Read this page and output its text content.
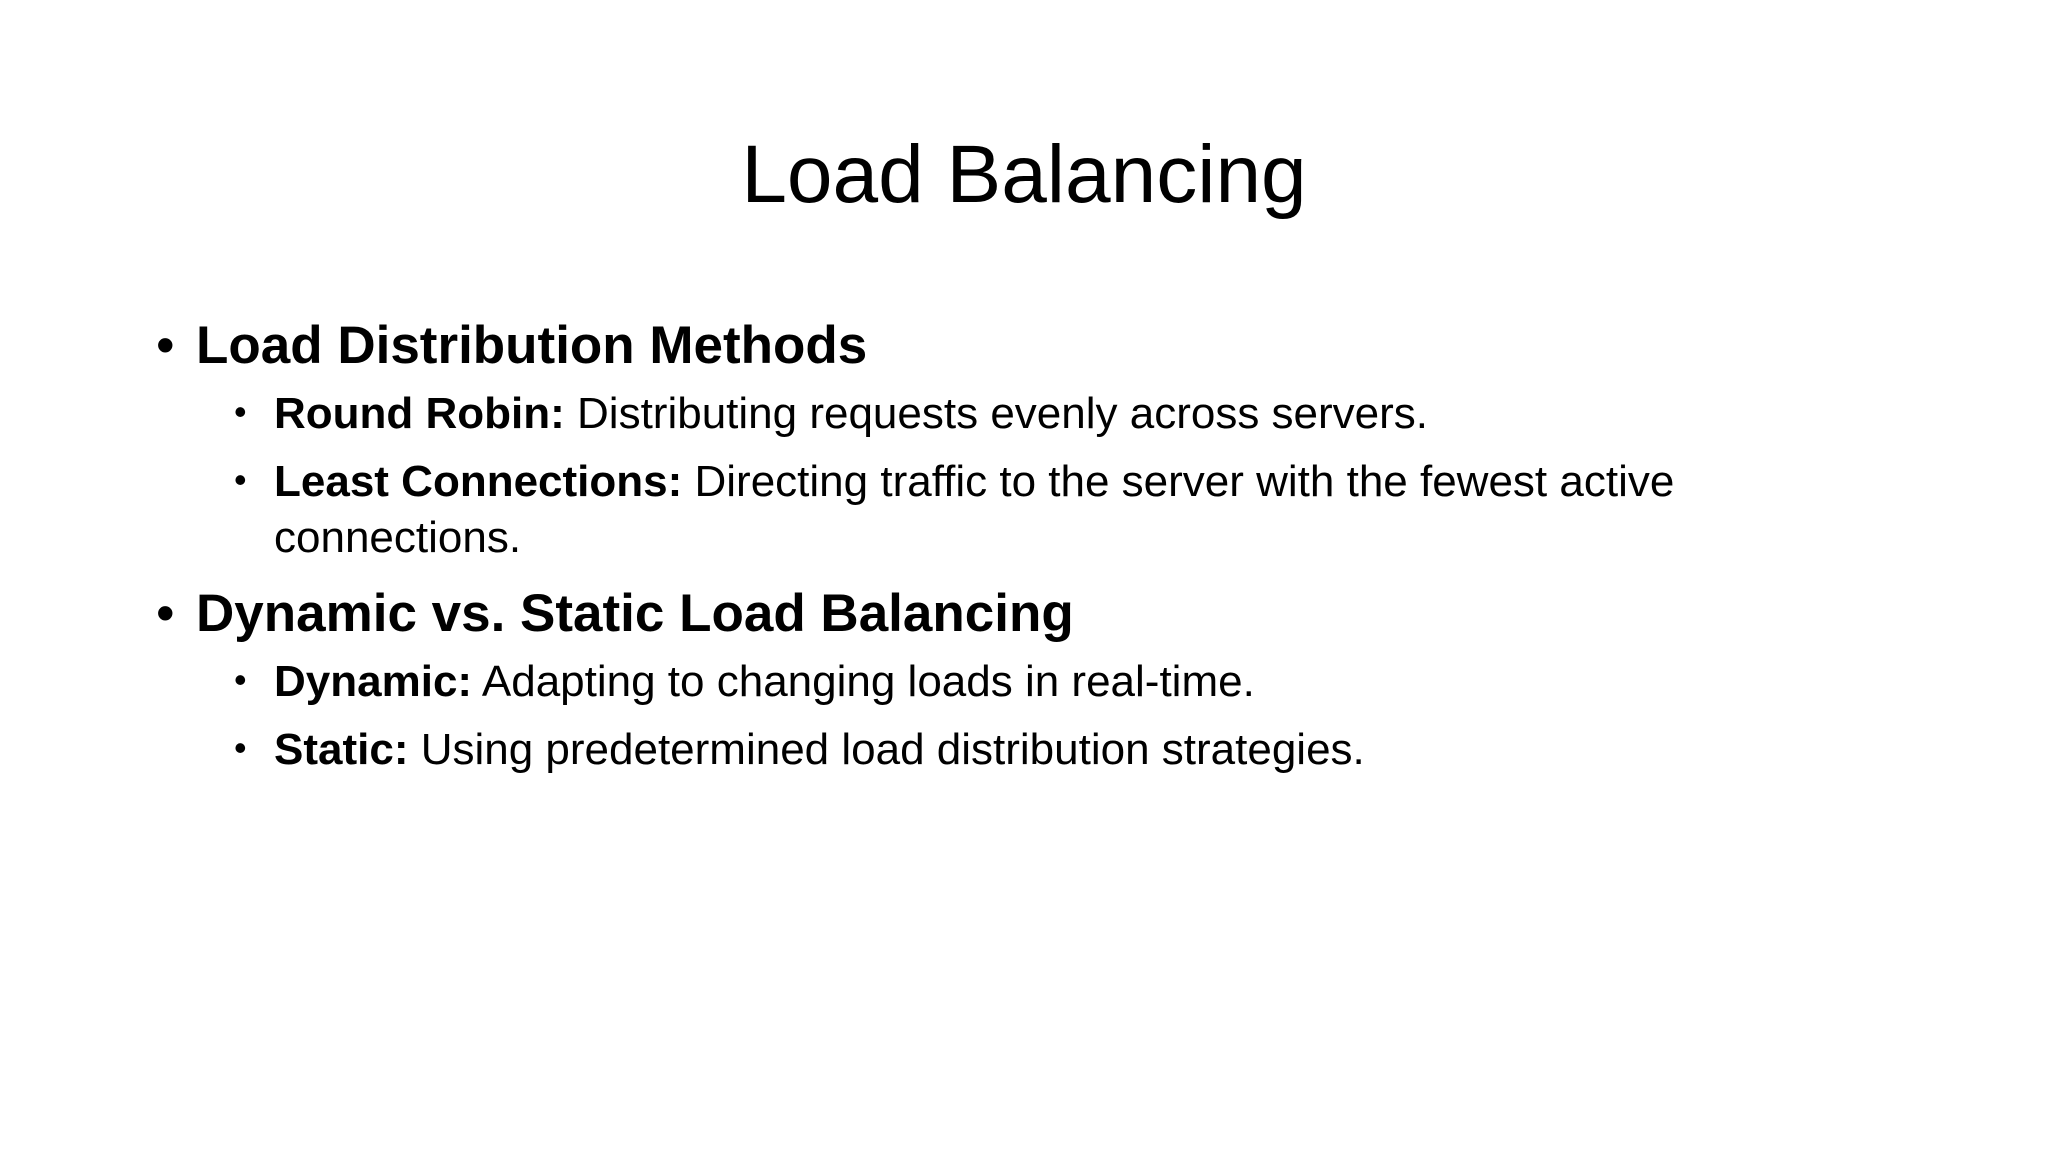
Load Balancing

• Load Distribution Methods

• Round Robin: Distributing requests evenly across servers.

• Least Connections: Directing traffic to the server with the fewest active connections.

• Dynamic vs. Static Load Balancing

• Dynamic: Adapting to changing loads in real-time.

• Static: Using predetermined load distribution strategies.
